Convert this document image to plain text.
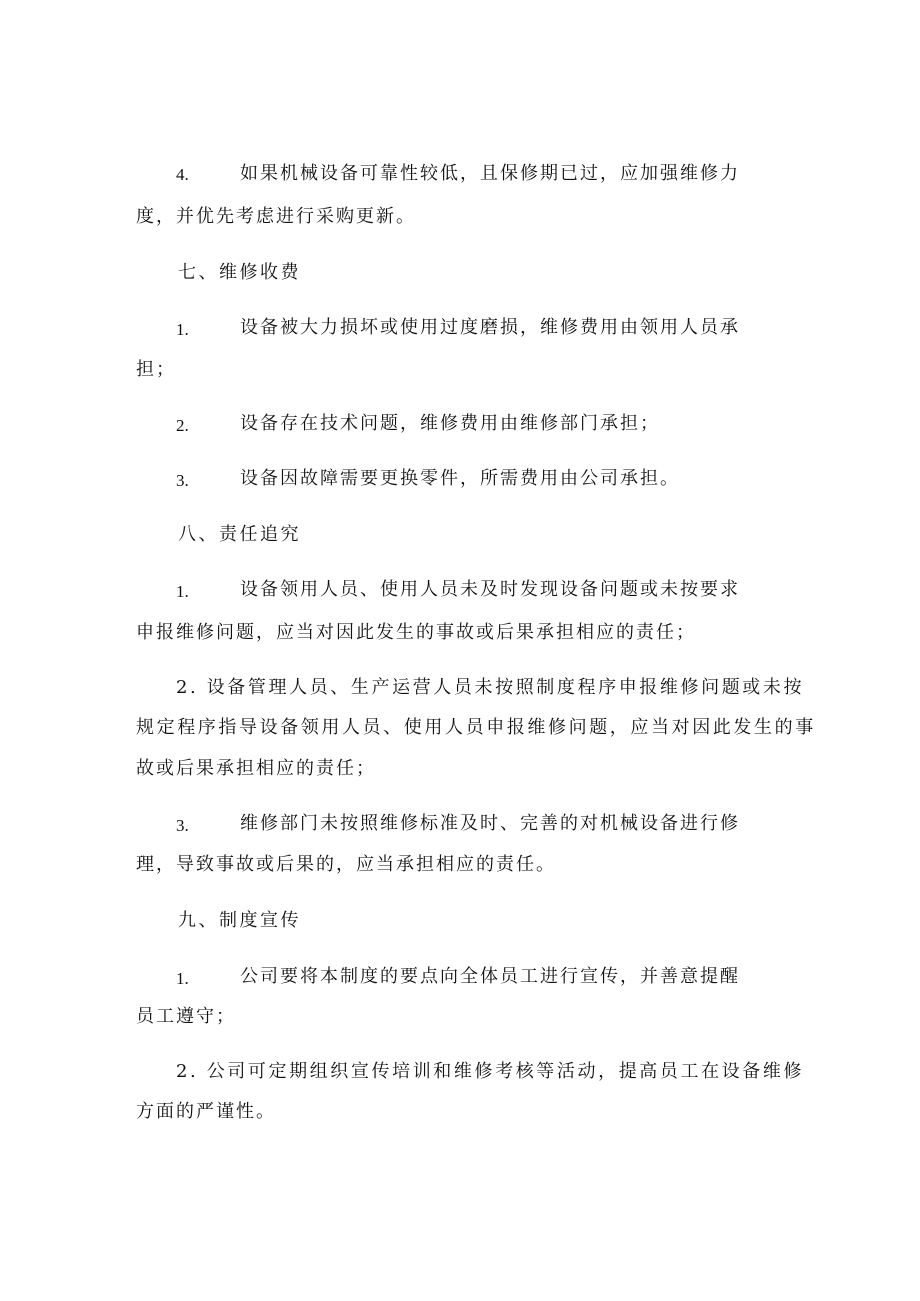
4.	如果机械设备可靠性较低，且保修期已过，应加强维修力
度，并优先考虑进行采购更新。
七、维修收费
1.	设备被大力损坏或使用过度磨损，维修费用由领用人员承
担；
2.	设备存在技术问题，维修费用由维修部门承担；
3.	设备因故障需要更换零件，所需费用由公司承担。
八、责任追究
1.	设备领用人员、使用人员未及时发现设备问题或未按要求
申报维修问题，应当对因此发生的事故或后果承担相应的责任；
2. 设备管理人员、生产运营人员未按照制度程序申报维修问题或未按
规定程序指导设备领用人员、使用人员申报维修问题，应当对因此发生的事
故或后果承担相应的责任；
3.	维修部门未按照维修标准及时、完善的对机械设备进行修
理，导致事故或后果的，应当承担相应的责任。
九、制度宣传
1.	公司要将本制度的要点向全体员工进行宣传，并善意提醒
员工遵守；
2. 公司可定期组织宣传培训和维修考核等活动，提高员工在设备维修
方面的严谨性。
